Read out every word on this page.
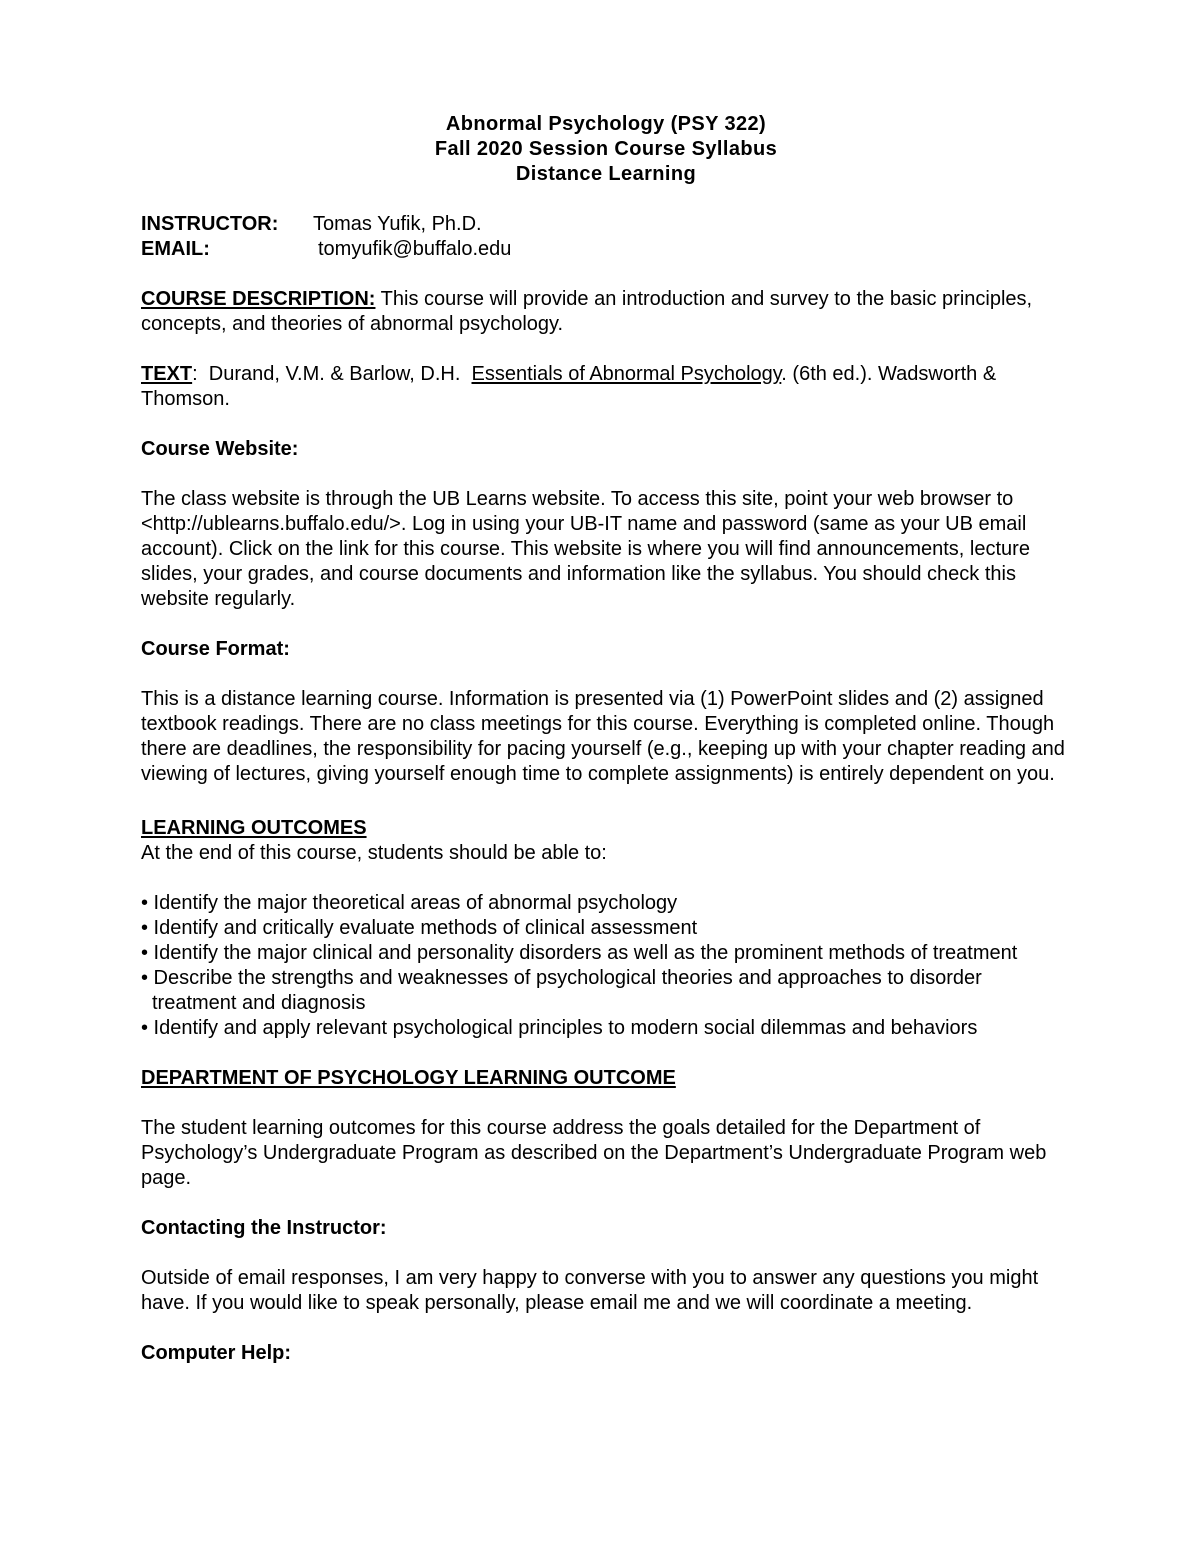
Abnormal Psychology (PSY 322)
Fall 2020 Session Course Syllabus
Distance Learning
INSTRUCTOR:	Tomas Yufik, Ph.D.
EMAIL:	tomyufik@buffalo.edu

COURSE DESCRIPTION: This course will provide an introduction and survey to the basic principles, concepts, and theories of abnormal psychology.

TEXT:  Durand, V.M. & Barlow, D.H.  Essentials of Abnormal Psychology. (6th ed.). Wadsworth & Thomson.

Course Website:

The class website is through the UB Learns website. To access this site, point your web browser to <http://ublearns.buffalo.edu/>. Log in using your UB-IT name and password (same as your UB email account). Click on the link for this course. This website is where you will find announcements, lecture slides, your grades, and course documents and information like the syllabus. You should check this website regularly.

Course Format:

This is a distance learning course. Information is presented via (1) PowerPoint slides and (2) assigned textbook readings. There are no class meetings for this course. Everything is completed online. Though there are deadlines, the responsibility for pacing yourself (e.g., keeping up with your chapter reading and viewing of lectures, giving yourself enough time to complete assignments) is entirely dependent on you.

LEARNING OUTCOMES

At the end of this course, students should be able to:

• Identify the major theoretical areas of abnormal psychology
• Identify and critically evaluate methods of clinical assessment
• Identify the major clinical and personality disorders as well as the prominent methods of treatment
• Describe the strengths and weaknesses of psychological theories and approaches to disorder treatment and diagnosis
• Identify and apply relevant psychological principles to modern social dilemmas and behaviors

DEPARTMENT OF PSYCHOLOGY LEARNING OUTCOME

The student learning outcomes for this course address the goals detailed for the Department of Psychology’s Undergraduate Program as described on the Department’s Undergraduate Program web page.

Contacting the Instructor:

Outside of email responses, I am very happy to converse with you to answer any questions you might have. If you would like to speak personally, please email me and we will coordinate a meeting.

Computer Help:
